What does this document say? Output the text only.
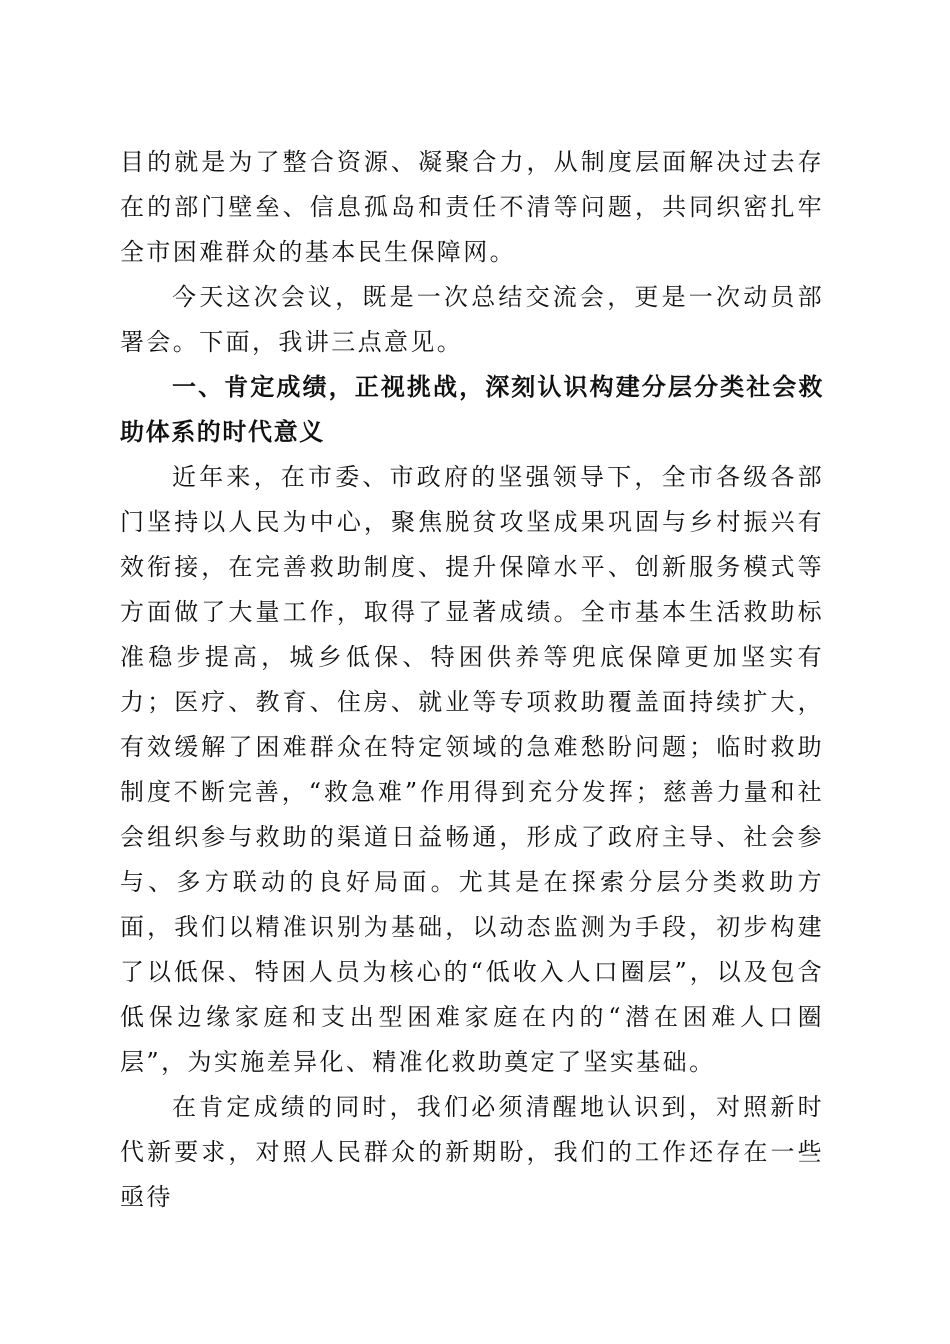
目的就是为了整合资源、凝聚合力，从制度层面解决过去存在的部门壁垒、信息孤岛和责任不清等问题，共同织密扎牢全市困难群众的基本民生保障网。

今天这次会议，既是一次总结交流会，更是一次动员部署会。下面，我讲三点意见。

一、肯定成绩，正视挑战，深刻认识构建分层分类社会救助体系的时代意义

近年来，在市委、市政府的坚强领导下，全市各级各部门坚持以人民为中心，聚焦脱贫攻坚成果巩固与乡村振兴有效衔接，在完善救助制度、提升保障水平、创新服务模式等方面做了大量工作，取得了显著成绩。全市基本生活救助标准稳步提高，城乡低保、特困供养等兜底保障更加坚实有力；医疗、教育、住房、就业等专项救助覆盖面持续扩大，有效缓解了困难群众在特定领域的急难愁盼问题；临时救助制度不断完善，“救急难”作用得到充分发挥；慈善力量和社会组织参与救助的渠道日益畅通，形成了政府主导、社会参与、多方联动的良好局面。尤其是在探索分层分类救助方面，我们以精准识别为基础，以动态监测为手段，初步构建了以低保、特困人员为核心的“低收入人口圈层”，以及包含低保边缘家庭和支出型困难家庭在内的“潜在困难人口圈层”，为实施差异化、精准化救助奠定了坚实基础。

在肯定成绩的同时，我们必须清醒地认识到，对照新时代新要求，对照人民群众的新期盼，我们的工作还存在一些亟待
